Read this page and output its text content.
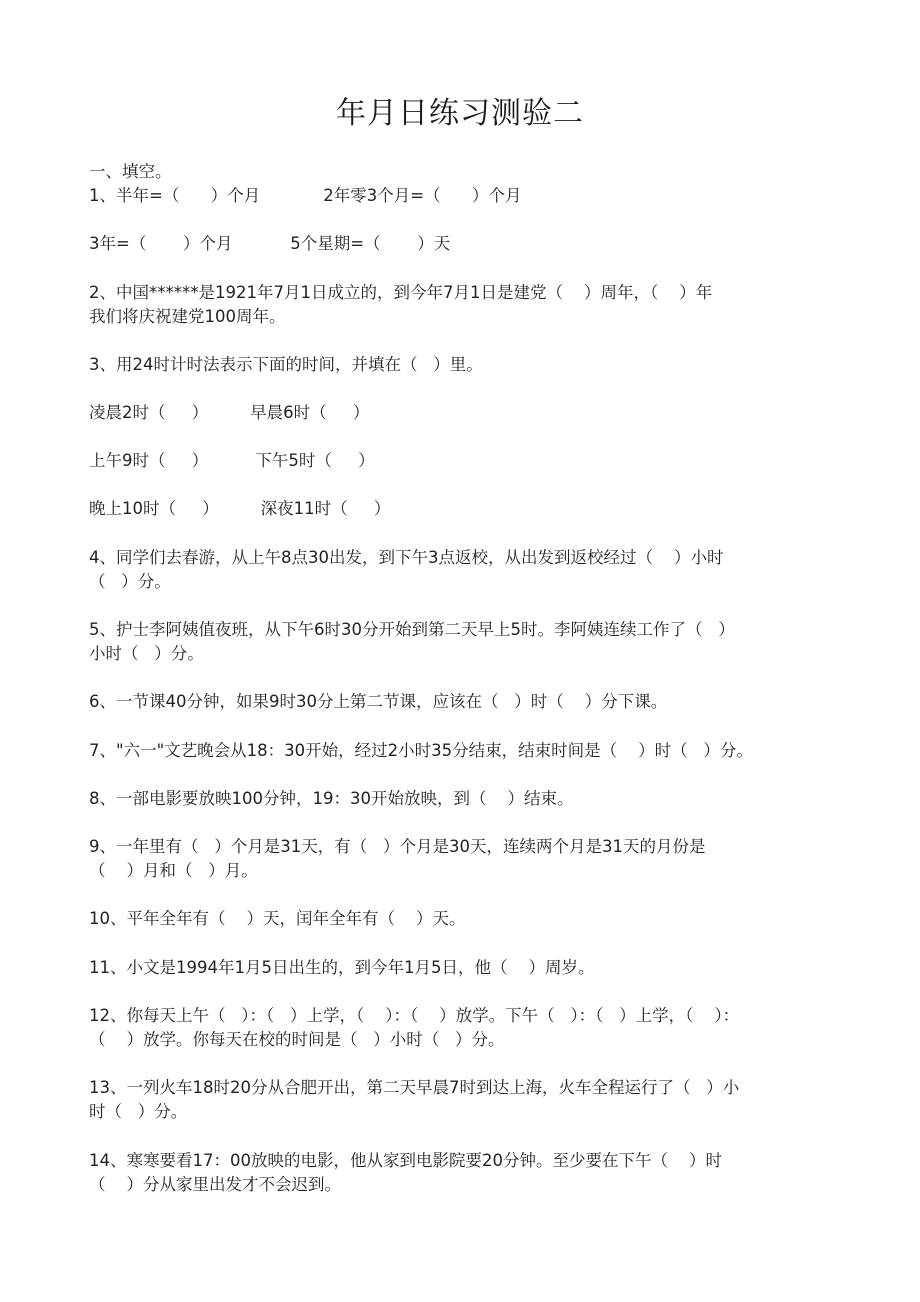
年月日练习测验二
一、填空。
1、半年=（      ）个月            2年零3个月=（      ）个月
3年=（       ）个月           5个星期=（       ）天
2、中国******是1921年7月1日成立的，到今年7月1日是建党（    ）周年，（    ）年
我们将庆祝建党100周年。
3、用24时计时法表示下面的时间，并填在（   ）里。
凌晨2时（     ）        早晨6时（     ）
上午9时（     ）         下午5时（     ）
晚上10时（     ）        深夜11时（     ）
4、同学们去春游，从上午8点30出发，到下午3点返校，从出发到返校经过（    ）小时
（   ）分。
5、护士李阿姨值夜班，从下午6时30分开始到第二天早上5时。李阿姨连续工作了（   ）
小时（   ）分。
6、一节课40分钟，如果9时30分上第二节课，应该在（   ）时（    ）分下课。
7、"六一"文艺晚会从18：30开始，经过2小时35分结束，结束时间是（    ）时（   ）分。
8、一部电影要放映100分钟，19：30开始放映，到（    ）结束。
9、一年里有（   ）个月是31天，有（   ）个月是30天，连续两个月是31天的月份是
（    ）月和（   ）月。
10、平年全年有（    ）天，闰年全年有（    ）天。
11、小文是1994年1月5日出生的，到今年1月5日，他（    ）周岁。
12、你每天上午（   ）：（   ）上学，（    ）：（    ）放学。下午（   ）：（   ）上学，（    ）：
（    ）放学。你每天在校的时间是（   ）小时（   ）分。
13、一列火车18时20分从合肥开出，第二天早晨7时到达上海，火车全程运行了（   ）小
时（   ）分。
14、寒寒要看17：00放映的电影，他从家到电影院要20分钟。至少要在下午（    ）时
（    ）分从家里出发才不会迟到。
